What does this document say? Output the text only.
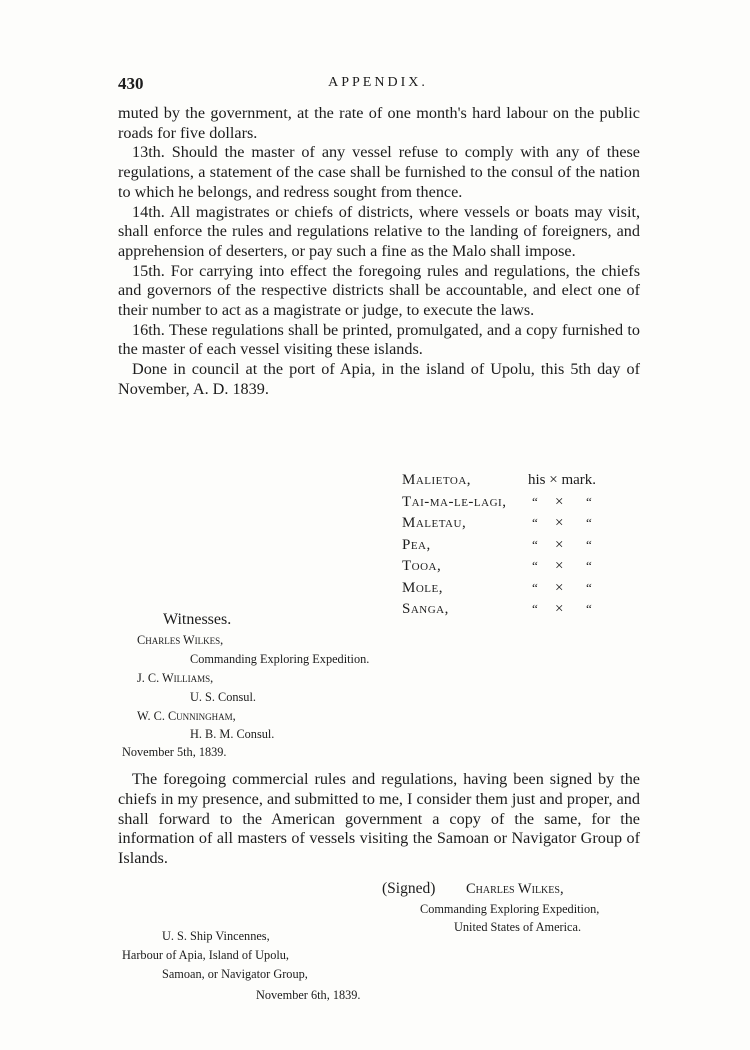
430	APPENDIX.

muted by the government, at the rate of one month's hard labour on the public roads for five dollars.

13th. Should the master of any vessel refuse to comply with any of these regulations, a statement of the case shall be furnished to the consul of the nation to which he belongs, and redress sought from thence.

14th. All magistrates or chiefs of districts, where vessels or boats may visit, shall enforce the rules and regulations relative to the landing of foreigners, and apprehension of deserters, or pay such a fine as the Malo shall impose.

15th. For carrying into effect the foregoing rules and regulations, the chiefs and governors of the respective districts shall be accountable, and elect one of their number to act as a magistrate or judge, to execute the laws.

16th. These regulations shall be printed, promulgated, and a copy furnished to the master of each vessel visiting these islands.

Done in council at the port of Apia, in the island of Upolu, this 5th day of November, A. D. 1839.

Malietoa,	his × mark.
Tai-ma-le-lagi, “ × “
Maletau,	“ × “
Pea,	“ × “
Tooa,	“ × “
Mole,	“ × “
Sanga,	“ × “
Witnesses.
Charles Wilkes,
Commanding Exploring Expedition.
J. C. Williams,
U. S. Consul.
W. C. Cunningham,
H. B. M. Consul.
November 5th, 1839.

The foregoing commercial rules and regulations, having been signed by the chiefs in my presence, and submitted to me, I consider them just and proper, and shall forward to the American government a copy of the same, for the information of all masters of vessels visiting the Samoan or Navigator Group of Islands.

(Signed) Charles Wilkes,
Commanding Exploring Expedition,
United States of America.
U. S. Ship Vincennes,
Harbour of Apia, Island of Upolu,
Samoan, or Navigator Group,
November 6th, 1839.
